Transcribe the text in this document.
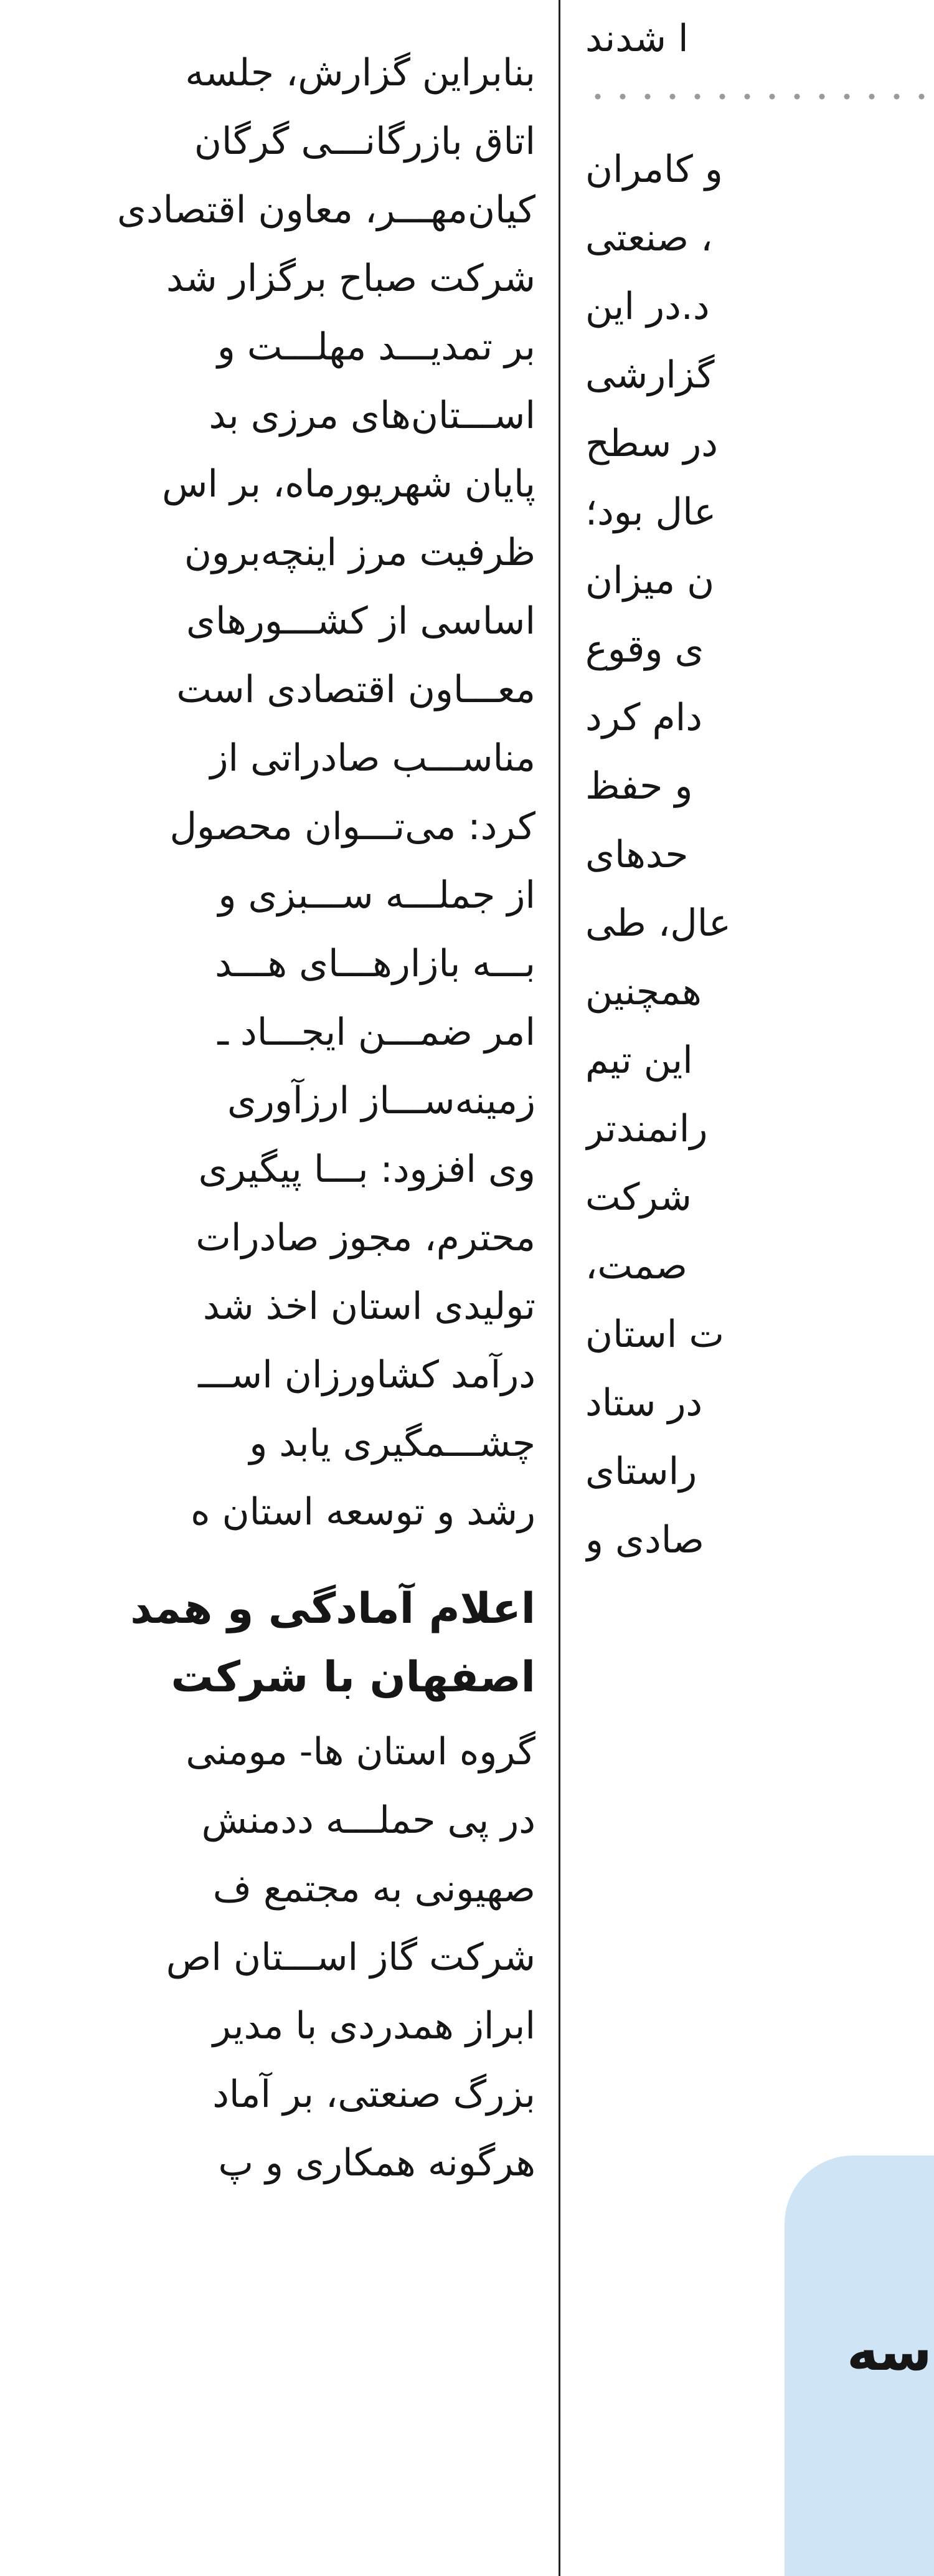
بنابراین گزارش، جلسه
اتاق بازرگانـــی گرگان
کیان‌مهـــر، معاون اقتصادی
شرکت صباح برگزار شد
بر تمدیـــد مهلـــت و
اســـتان‌های مرزی بد
پایان شهریورماه، بر اس
ظرفیت مرز اینچه‌برون
اساسی از کشـــورهای
معـــاون اقتصادی است
مناســـب صادراتی از
کرد: می‌تـــوان محصول
از جملـــه ســـبزی و
بـــه بازارهـــای هـــد
امر ضمـــن ایجـــاد ـ
زمینه‌ســـاز ارزآوری
وی افزود: بـــا پیگیری
محترم، مجوز صادرات
تولیدی استان اخذ شد
درآمد کشاورزان اســـ
چشـــمگیری یابد و
رشد و توسعه استان ه
اعلام آمادگی و همد
اصفهان با شرکت
گروه استان ها- مومنی
در پی حملـــه ددمنش
صهیونی به مجتمع ف
شرکت گاز اســـتان اص
ابراز همدردی با مدیر
بزرگ صنعتی، بر آماد
هرگونه همکاری و پ
ا شدند
و کامران
، صنعتی
د.در این
گزارشی
در سطح
عال بود؛
ن میزان
ی وقوع
دام کرد
و حفظ
حدهای
عال، طی
همچنین
این تیم
رانمندتر
شرکت
صمت،
ت استان
در ستاد
راستای
صادی و
سه
